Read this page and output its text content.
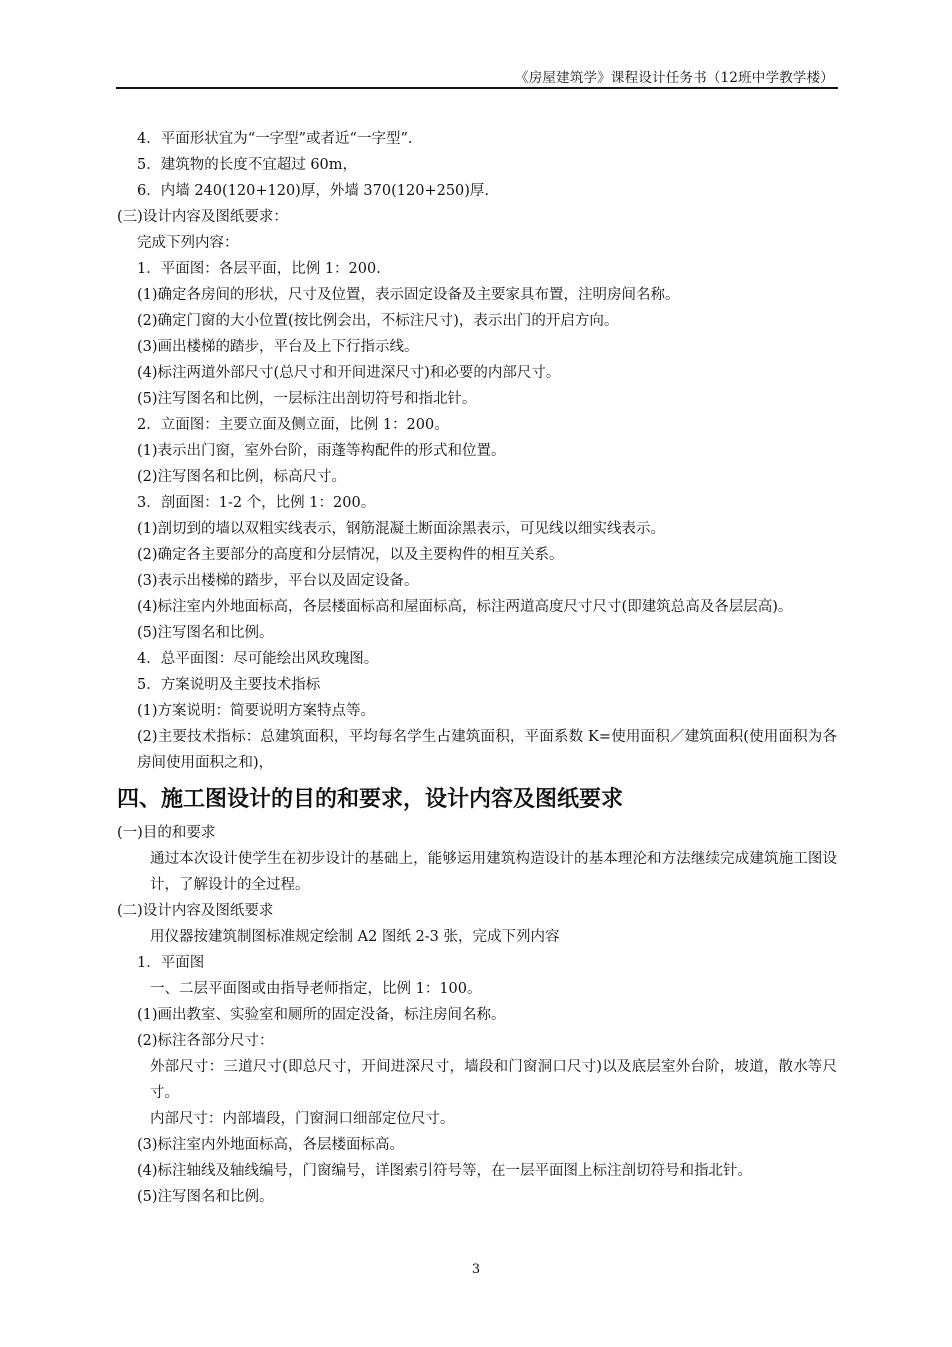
《房屋建筑学》课程设计任务书（12班中学教学楼）
4．平面形状宜为“一字型”或者近“一字型”.
5．建筑物的长度不宜超过 60m，
6．内墙 240(120+120)厚，外墙 370(120+250)厚.
(三)设计内容及图纸要求：
完成下列内容：
1．平面图：各层平面，比例 1：200.
(1)确定各房间的形状，尺寸及位置，表示固定设备及主要家具布置，注明房间名称。
(2)确定门窗的大小位置(按比例会出，不标注尺寸)，表示出门的开启方向。
(3)画出楼梯的踏步，平台及上下行指示线。
(4)标注两道外部尺寸(总尺寸和开间进深尺寸)和必要的内部尺寸。
(5)注写图名和比例，一层标注出剖切符号和指北针。
2．立面图：主要立面及侧立面，比例 1：200。
(1)表示出门窗，室外台阶，雨蓬等构配件的形式和位置。
(2)注写图名和比例，标高尺寸。
3．剖面图：1-2 个，比例 1：200。
(1)剖切到的墙以双粗实线表示，钢筋混凝土断面涂黑表示，可见线以细实线表示。
(2)确定各主要部分的高度和分层情况，以及主要构件的相互关系。
(3)表示出楼梯的踏步，平台以及固定设备。
(4)标注室内外地面标高，各层楼面标高和屋面标高，标注两道高度尺寸尺寸(即建筑总高及各层层高)。
(5)注写图名和比例。
4．总平面图：尽可能绘出风玫瑰图。
5．方案说明及主要技术指标
(1)方案说明：简要说明方案特点等。
(2)主要技术指标：总建筑面积，平均每名学生占建筑面积，平面系数 K=使用面积／建筑面积(使用面积为各房间使用面积之和)，
四、施工图设计的目的和要求，设计内容及图纸要求
(一)目的和要求
通过本次设计使学生在初步设计的基础上，能够运用建筑构造设计的基本理沦和方法继续完成建筑施工图设计，了解设计的全过程。
(二)设计内容及图纸要求
用仪器按建筑制图标准规定绘制 A2 图纸 2-3 张，完成下列内容
1．平面图
一、二层平面图或由指导老师指定，比例 1：100。
(1)画出教室、实验室和厕所的固定没备，标注房间名称。
(2)标注各部分尺寸：
外部尺寸：三道尺寸(即总尺寸，开间进深尺寸，墙段和门窗洞口尺寸)以及底层室外台阶，坡道，散水等尺寸。
内部尺寸：内部墙段，门窗洞口细部定位尺寸。
(3)标注室内外地面标高，各层楼面标高。
(4)标注轴线及轴线编号，门窗编号，详图索引符号等，在一层平面图上标注剖切符号和指北针。
(5)注写图名和比例。
3
